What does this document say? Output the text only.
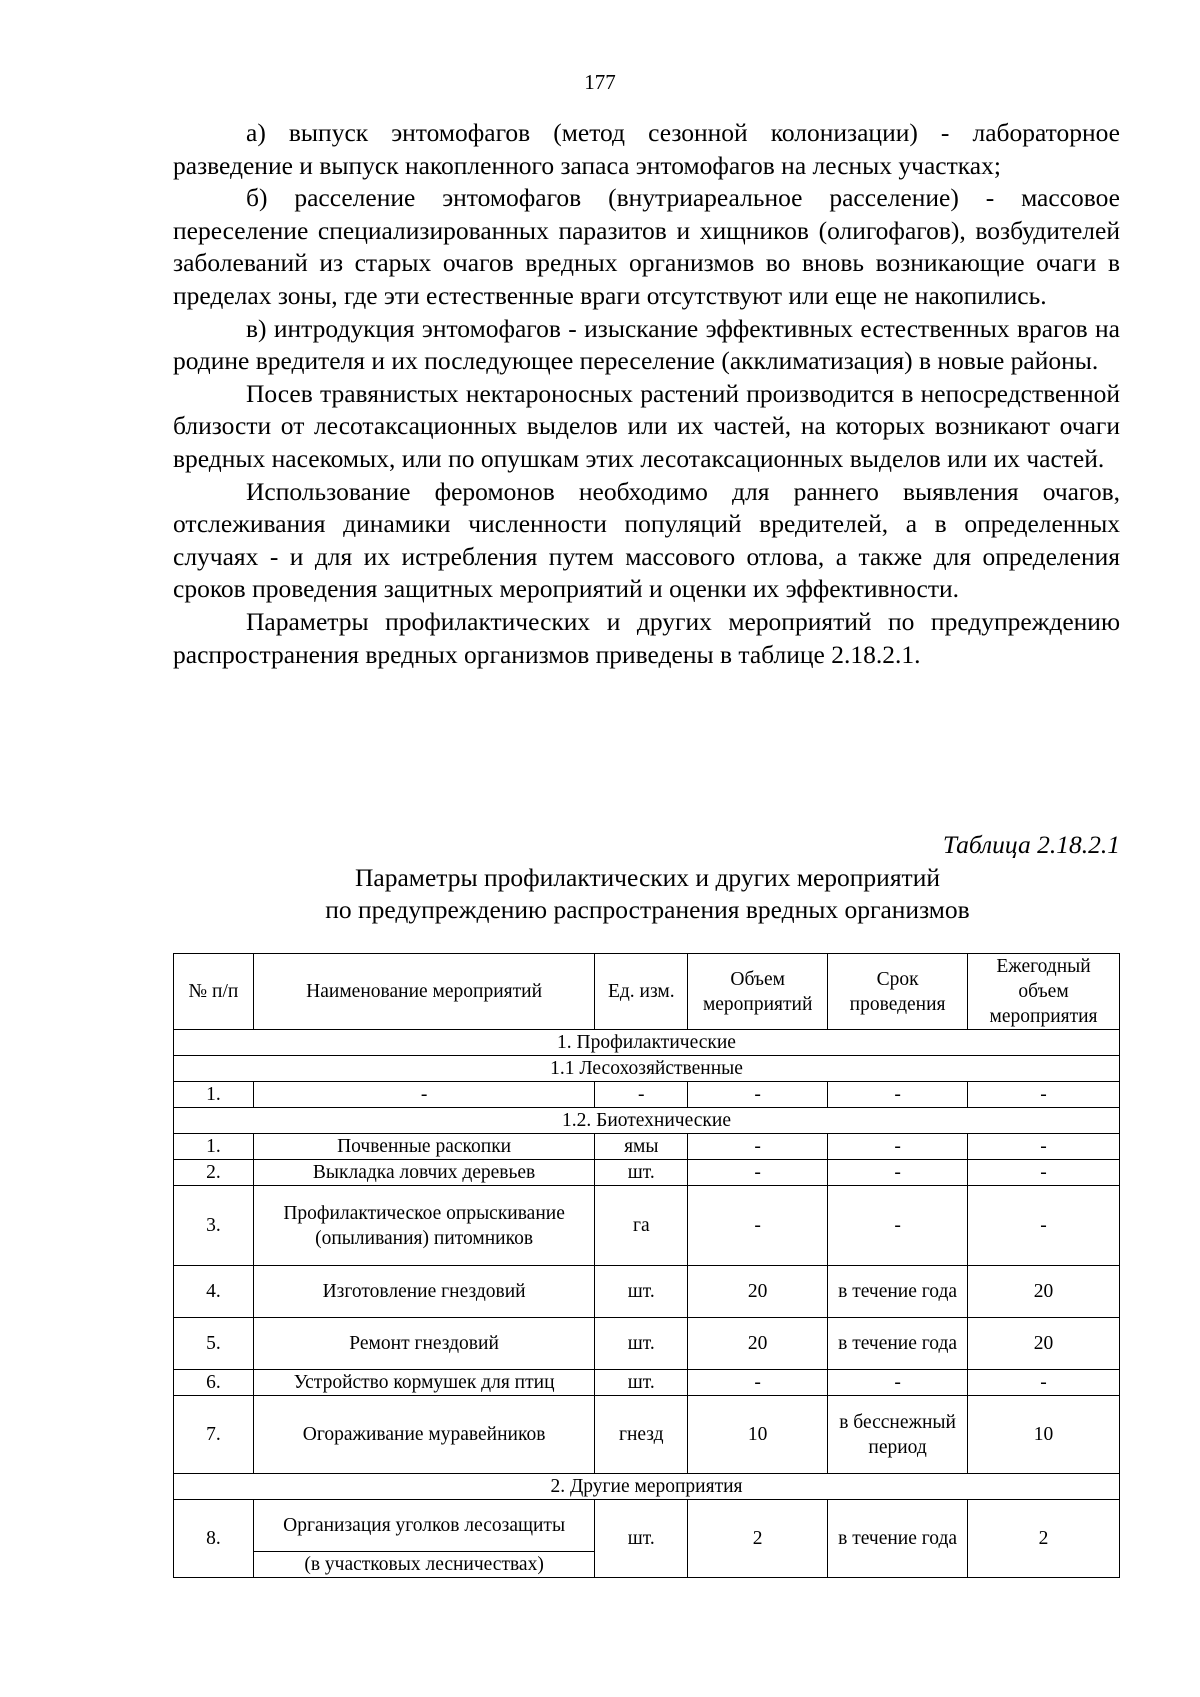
177

а) выпуск энтомофагов (метод сезонной колонизации) - лабораторное разведение и выпуск накопленного запаса энтомофагов на лесных участках;

б) расселение энтомофагов (внутриареальное расселение) - массовое переселение специализированных паразитов и хищников (олигофагов), возбудителей заболеваний из старых очагов вредных организмов во вновь возникающие очаги в пределах зоны, где эти естественные враги отсутствуют или еще не накопились.

в) интродукция энтомофагов - изыскание эффективных естественных врагов на родине вредителя и их последующее переселение (акклиматизация) в новые районы.

Посев травянистых нектароносных растений производится в непосредственной близости от лесотаксационных выделов или их частей, на которых возникают очаги вредных насекомых, или по опушкам этих лесотаксационных выделов или их частей.

Использование феромонов необходимо для раннего выявления очагов, отслеживания динамики численности популяций вредителей, а в определенных случаях - и для их истребления путем массового отлова, а также для определения сроков проведения защитных мероприятий и оценки их эффективности.

Параметры профилактических и других мероприятий по предупреждению распространения вредных организмов приведены в таблице 2.18.2.1.

Таблица 2.18.2.1
Параметры профилактических и других мероприятий
по предупреждению распространения вредных организмов
№ п/п	Наименование мероприятий	Ед. изм.	Объем мероприятий	Срок проведения	Ежегодный объем мероприятия
1. Профилактические					
1.1 Лесохозяйственные					
1.	-	-	-	-	-
1.2. Биотехнические					
1.	Почвенные раскопки	ямы	-	-	-
2.	Выкладка ловчих деревьев	шт.	-	-	-
3.	Профилактическое опрыскивание (опыливания) питомников	га	-	-	-
4.	Изготовление гнездовий	шт.	20	в течение года	20
5.	Ремонт гнездовий	шт.	20	в течение года	20
6.	Устройство кормушек для птиц	шт.	-	-	-
7.	Огораживание муравейников	гнезд	10	в бесснежный период	10
2. Другие мероприятия					
8.	Организация уголков лесозащиты	шт.	2	в течение года	2
	(в участковых лесничествах)				
